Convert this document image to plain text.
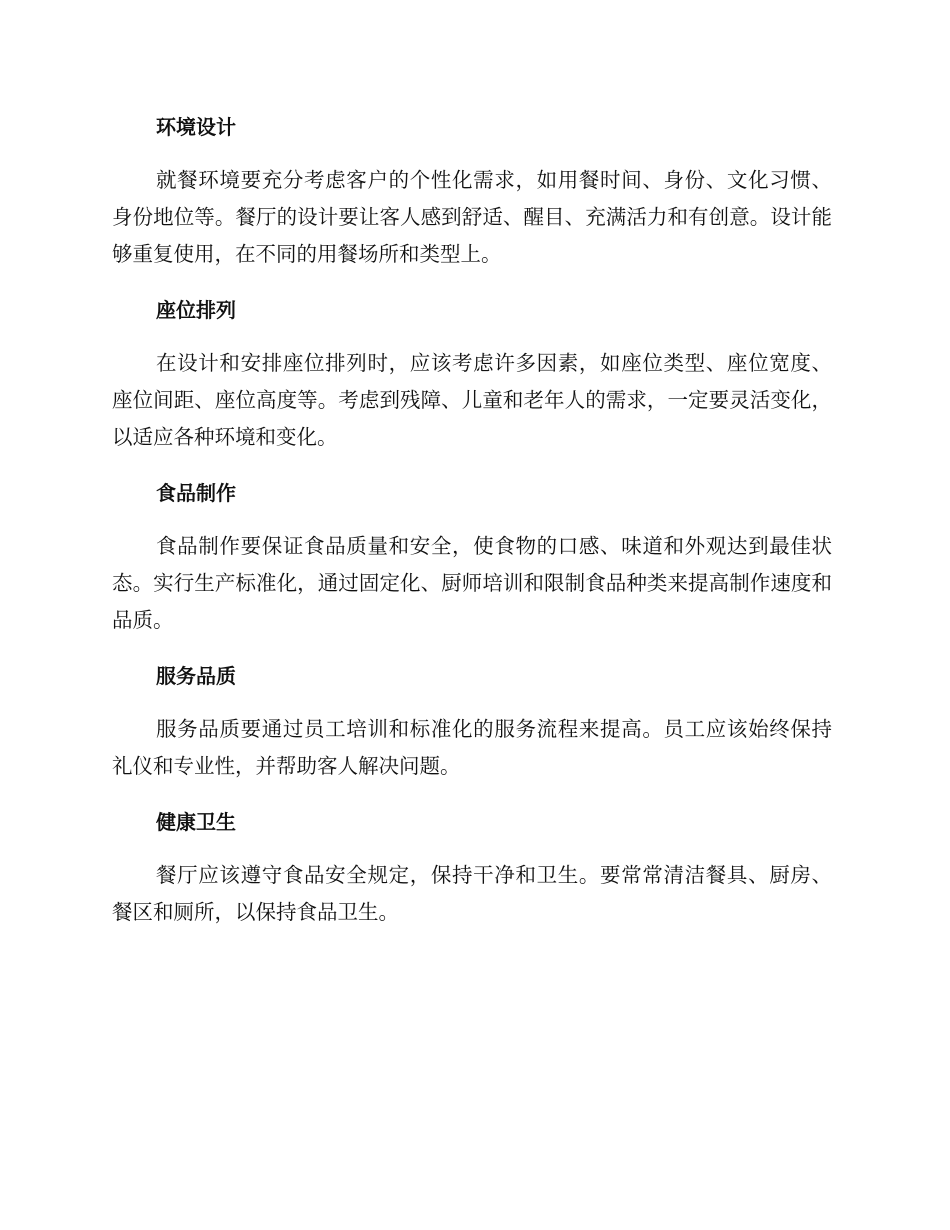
环境设计

就餐环境要充分考虑客户的个性化需求，如用餐时间、身份、文化习惯、身份地位等。餐厅的设计要让客人感到舒适、醒目、充满活力和有创意。设计能够重复使用，在不同的用餐场所和类型上。

座位排列

在设计和安排座位排列时，应该考虑许多因素，如座位类型、座位宽度、座位间距、座位高度等。考虑到残障、儿童和老年人的需求，一定要灵活变化，以适应各种环境和变化。

食品制作

食品制作要保证食品质量和安全，使食物的口感、味道和外观达到最佳状态。实行生产标准化，通过固定化、厨师培训和限制食品种类来提高制作速度和品质。

服务品质

服务品质要通过员工培训和标准化的服务流程来提高。员工应该始终保持礼仪和专业性，并帮助客人解决问题。

健康卫生

餐厅应该遵守食品安全规定，保持干净和卫生。要常常清洁餐具、厨房、餐区和厕所，以保持食品卫生。
